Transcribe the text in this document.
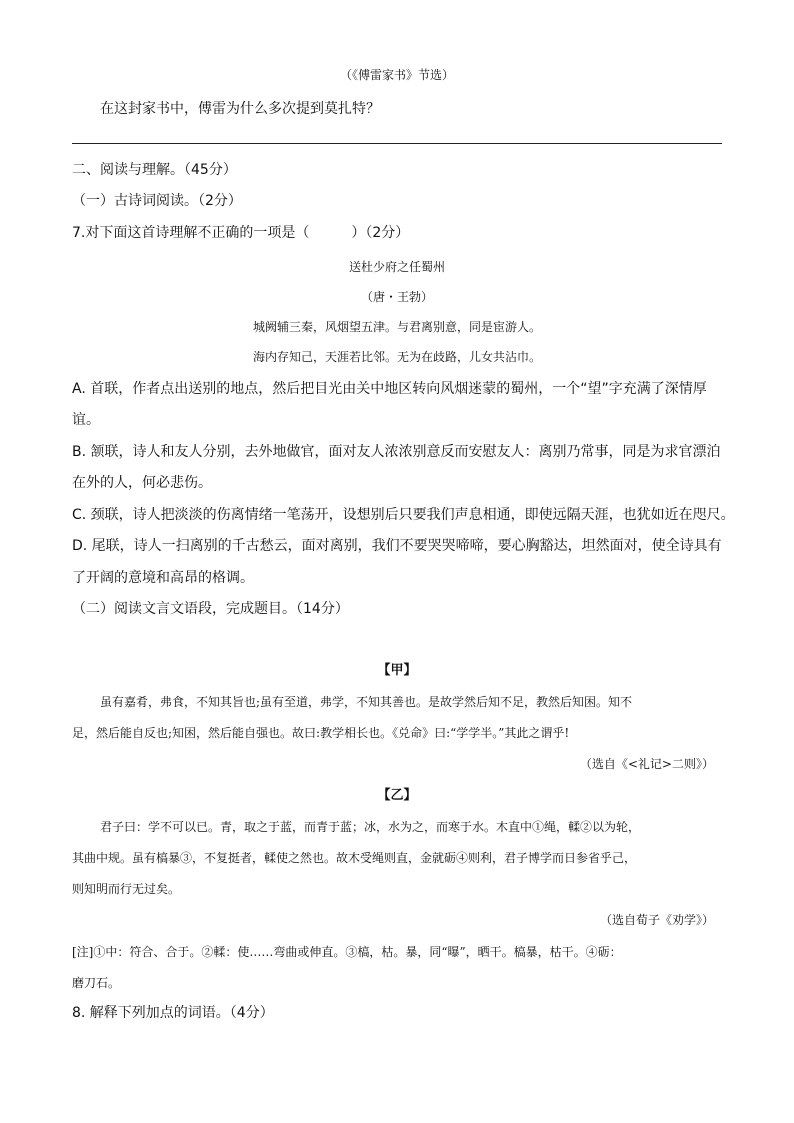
（《傅雷家书》节选）
在这封家书中，傅雷为什么多次提到莫扎特？
二、阅读与理解。（45分）
（一）古诗词阅读。（2分）
7.对下面这首诗理解不正确的一项是（　　　）（2分）
送杜少府之任蜀州
（唐・王勃）
城阙辅三秦，风烟望五津。与君离别意，同是宦游人。
海内存知己，天涯若比邻。无为在歧路，儿女共沾巾。
A. 首联，作者点出送别的地点，然后把目光由关中地区转向风烟迷蒙的蜀州，一个“望”字充满了深情厚
谊。
B. 颔联，诗人和友人分别，去外地做官，面对友人浓浓别意反而安慰友人：离别乃常事，同是为求官漂泊
在外的人，何必悲伤。
C. 颈联，诗人把淡淡的伤离情绪一笔荡开，设想别后只要我们声息相通，即使远隔天涯，也犹如近在咫尺。
D. 尾联，诗人一扫离别的千古愁云，面对离别，我们不要哭哭啼啼，要心胸豁达，坦然面对，使全诗具有
了开阔的意境和高昂的格调。
（二）阅读文言文语段，完成题目。（14分）
【甲】
虽有嘉肴，弗食，不知其旨也;虽有至道，弗学，不知其善也。是故学然后知不足，教然后知困。知不
足，然后能自反也;知困，然后能自强也。故曰:教学相长也。《兑命》曰:“学学半。”其此之谓乎!
（选自《<礼记>二则》）
【乙】
君子曰：学不可以已。青，取之于蓝，而青于蓝；冰，水为之，而寒于水。木直中①绳，輮②以为轮，
其曲中规。虽有槁暴③，不复挺者，輮使之然也。故木受绳则直，金就砺④则利，君子博学而日参省乎己，
则知明而行无过矣。
（选自荀子《劝学》）
[注]①中：符合、合于。②輮：使……弯曲或伸直。③槁，枯。暴，同“曝”，晒干。槁暴，枯干。④砺：
磨刀石。
8. 解释下列加点的词语。（4分）
